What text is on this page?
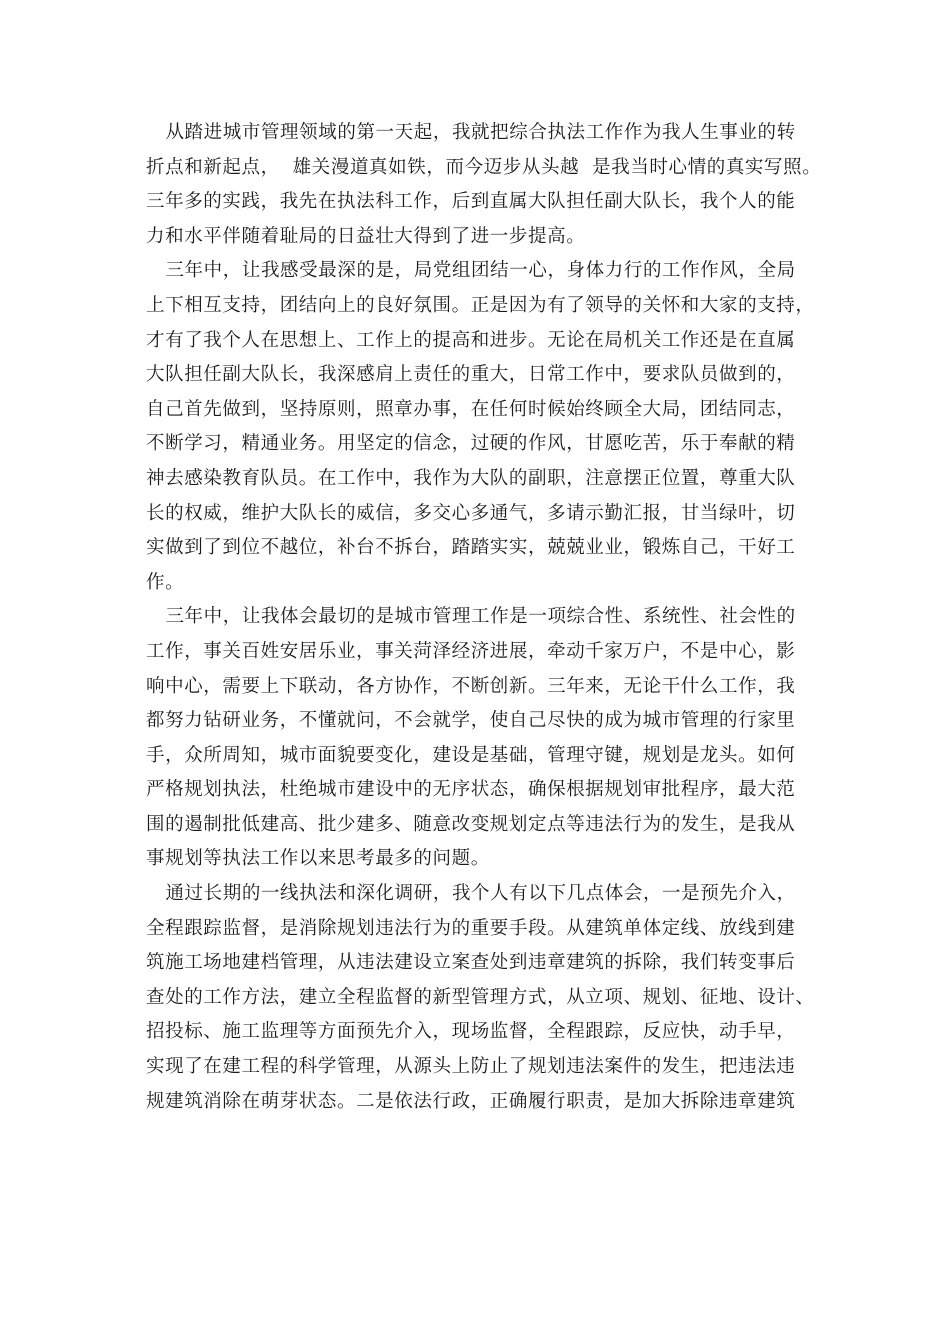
从踏进城市管理领域的第一天起，我就把综合执法工作作为我人生事业的转
折点和新起点，  雄关漫道真如铁，而今迈步从头越  是我当时心情的真实写照。
三年多的实践，我先在执法科工作，后到直属大队担任副大队长，我个人的能
力和水平伴随着耻局的日益壮大得到了进一步提高。
三年中，让我感受最深的是，局党组团结一心，身体力行的工作作风，全局
上下相互支持，团结向上的良好氛围。正是因为有了领导的关怀和大家的支持，
才有了我个人在思想上、工作上的提高和进步。无论在局机关工作还是在直属
大队担任副大队长，我深感肩上责任的重大，日常工作中，要求队员做到的，
自己首先做到，坚持原则，照章办事，在任何时候始终顾全大局，团结同志，
不断学习，精通业务。用坚定的信念，过硬的作风，甘愿吃苦，乐于奉献的精
神去感染教育队员。在工作中，我作为大队的副职，注意摆正位置，尊重大队
长的权威，维护大队长的威信，多交心多通气，多请示勤汇报，甘当绿叶，切
实做到了到位不越位，补台不拆台，踏踏实实，兢兢业业，锻炼自己，干好工
作。
三年中，让我体会最切的是城市管理工作是一项综合性、系统性、社会性的
工作，事关百姓安居乐业，事关菏泽经济进展，牵动千家万户，不是中心，影
响中心，需要上下联动，各方协作，不断创新。三年来，无论干什么工作，我
都努力钻研业务，不懂就问，不会就学，使自己尽快的成为城市管理的行家里
手，众所周知，城市面貌要变化，建设是基础，管理守键，规划是龙头。如何
严格规划执法，杜绝城市建设中的无序状态，确保根据规划审批程序，最大范
围的遏制批低建高、批少建多、随意改变规划定点等违法行为的发生，是我从
事规划等执法工作以来思考最多的问题。
通过长期的一线执法和深化调研，我个人有以下几点体会，一是预先介入，
全程跟踪监督，是消除规划违法行为的重要手段。从建筑单体定线、放线到建
筑施工场地建档管理，从违法建设立案查处到违章建筑的拆除，我们转变事后
查处的工作方法，建立全程监督的新型管理方式，从立项、规划、征地、设计、
招投标、施工监理等方面预先介入，现场监督，全程跟踪，反应快，动手早，
实现了在建工程的科学管理，从源头上防止了规划违法案件的发生，把违法违
规建筑消除在萌芽状态。二是依法行政，正确履行职责，是加大拆除违章建筑
